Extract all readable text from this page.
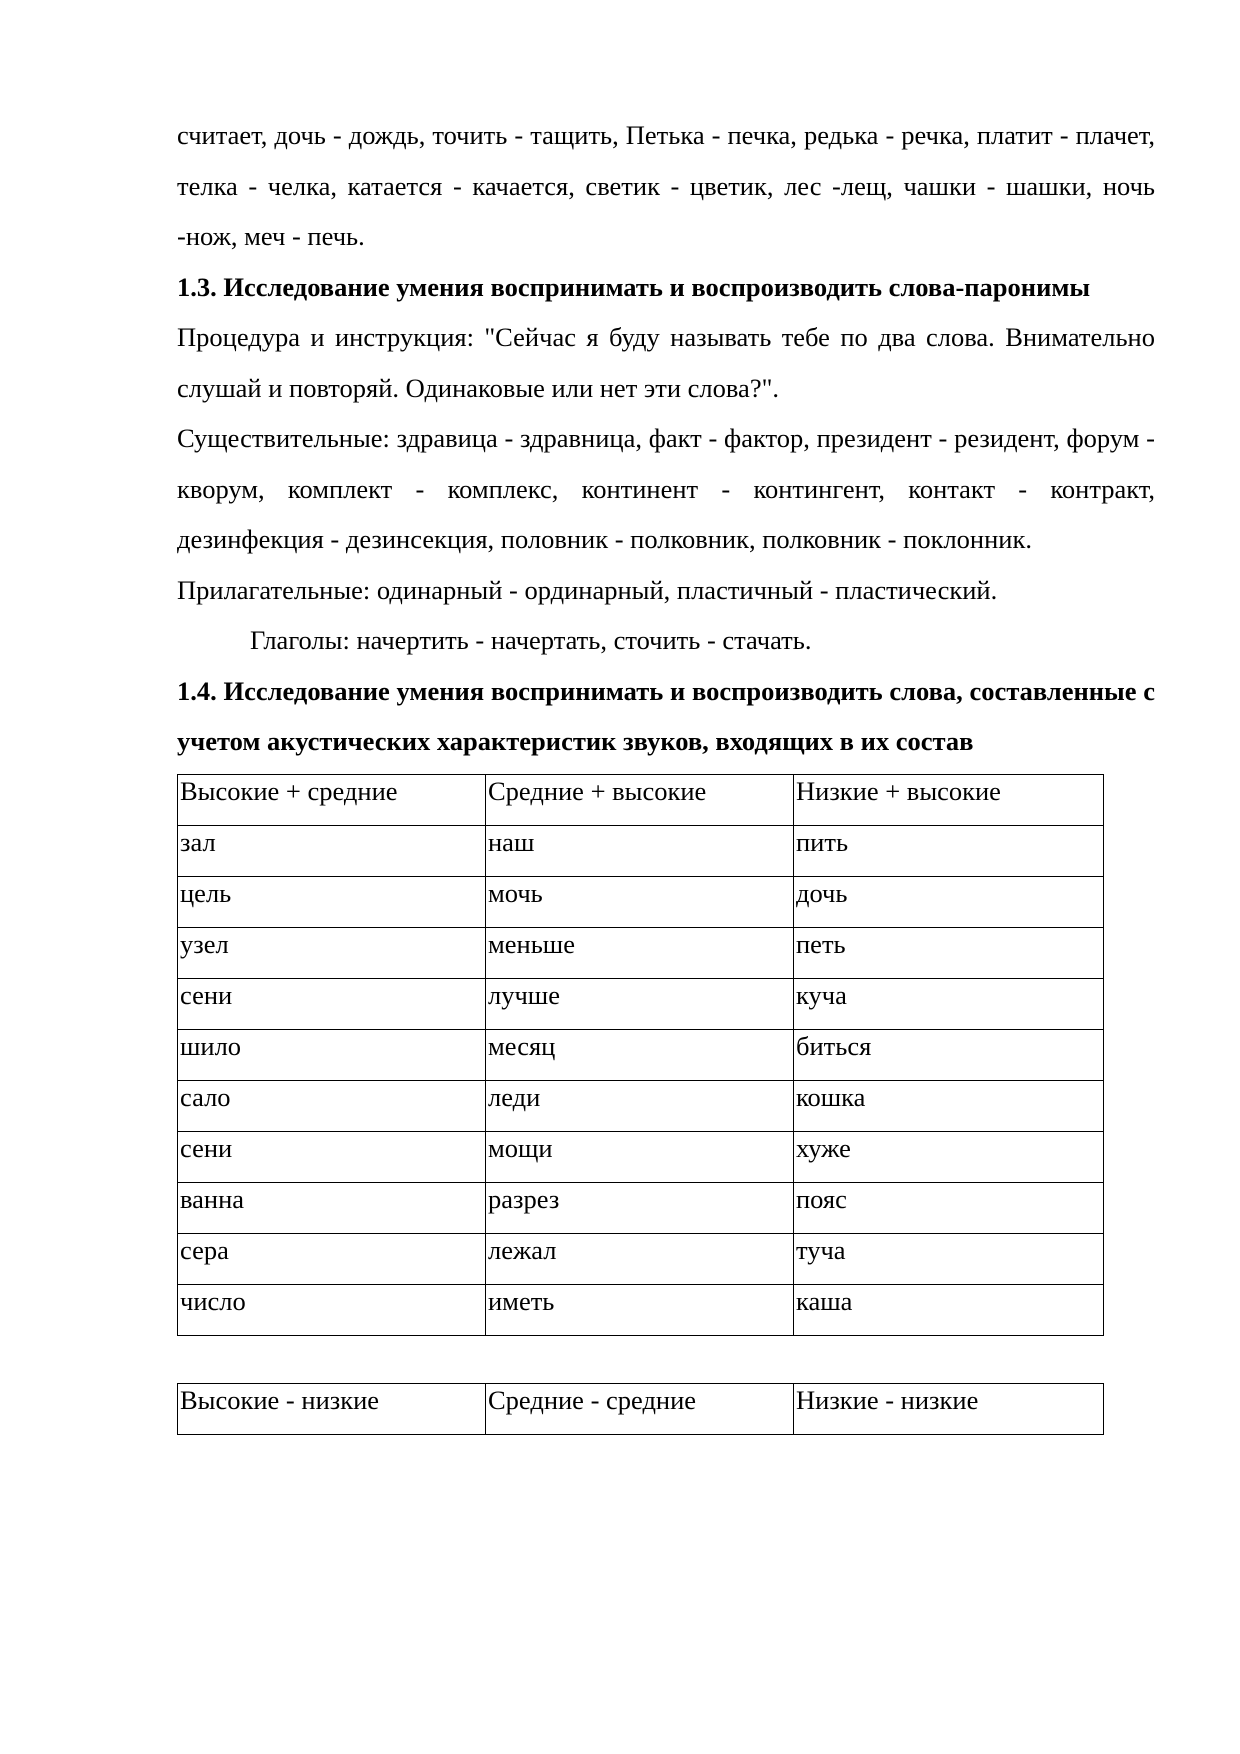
считает, дочь - дождь, точить - тащить, Петька - печка, редька - речка, платит - плачет, телка - челка, катается - качается, светик - цветик, лес -лещ, чашки - шашки, ночь -нож, меч - печь.

1.3. Исследование умения воспринимать и воспроизводить слова-паронимы

Процедура и инструкция: "Сейчас я буду называть тебе по два слова. Внимательно слушай и повторяй. Одинаковые или нет эти слова?".

Существительные: здравица - здравница, факт - фактор, президент - резидент, форум - кворум, комплект - комплекс, континент - контингент, контакт - контракт, дезинфекция - дезинсекция, половник - полковник, полковник - поклонник.

Прилагательные: одинарный - ординарный, пластичный - пластический.

Глаголы: начертить - начертать, сточить - стачать.

1.4. Исследование умения воспринимать и воспроизводить слова, составленные с учетом акустических характеристик звуков, входящих в их состав
Высокие + средние	Средние + высокие	Низкие + высокие
зал	наш	пить
цель	мочь	дочь
узел	меньше	петь
сени	лучше	куча
шило	месяц	биться
сало	леди	кошка
сени	мощи	хуже
ванна	разрез	пояс
сера	лежал	туча
число	иметь	каша
Высокие - низкие	Средние - средние	Низкие - низкие
